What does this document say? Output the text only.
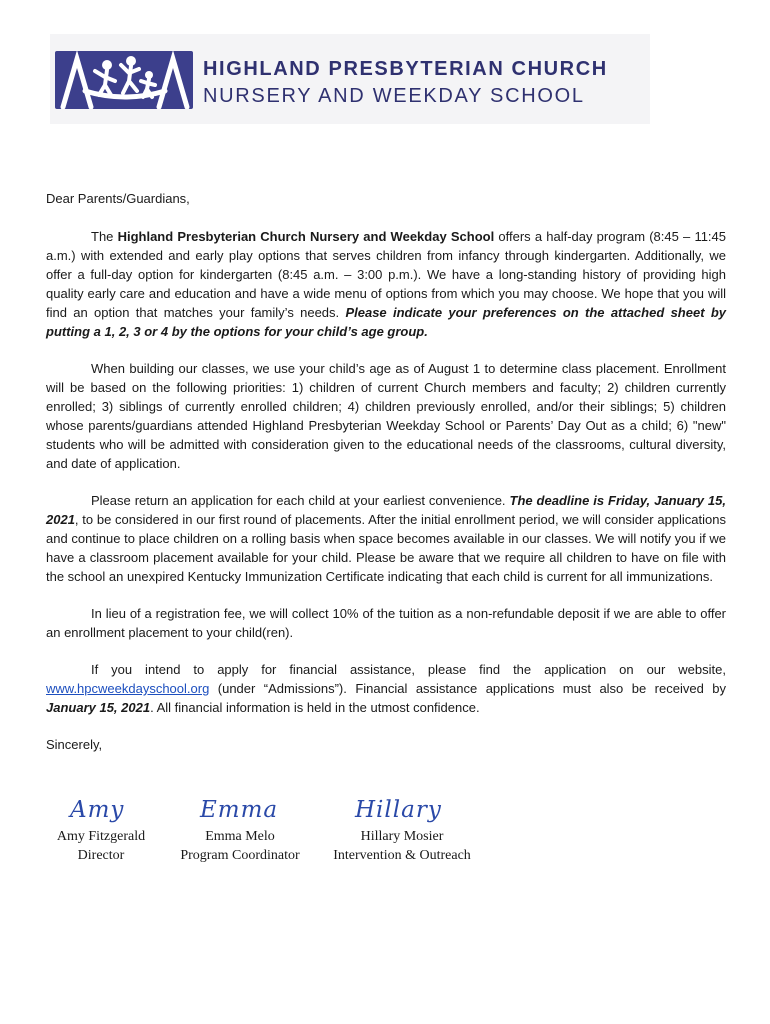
HIGHLAND PRESBYTERIAN CHURCH
NURSERY AND WEEKDAY SCHOOL

Dear Parents/Guardians,

The Highland Presbyterian Church Nursery and Weekday School offers a half-day program (8:45 – 11:45 a.m.) with extended and early play options that serves children from infancy through kindergarten. Additionally, we offer a full-day option for kindergarten (8:45 a.m. – 3:00 p.m.). We have a long-standing history of providing high quality early care and education and have a wide menu of options from which you may choose. We hope that you will find an option that matches your family’s needs. Please indicate your preferences on the attached sheet by putting a 1, 2, 3 or 4 by the options for your child’s age group.

When building our classes, we use your child’s age as of August 1 to determine class placement. Enrollment will be based on the following priorities: 1) children of current Church members and faculty; 2) children currently enrolled; 3) siblings of currently enrolled children; 4) children previously enrolled, and/or their siblings; 5) children whose parents/guardians attended Highland Presbyterian Weekday School or Parents’ Day Out as a child; 6) "new" students who will be admitted with consideration given to the educational needs of the classrooms, cultural diversity, and date of application.

Please return an application for each child at your earliest convenience. The deadline is Friday, January 15, 2021, to be considered in our first round of placements. After the initial enrollment period, we will consider applications and continue to place children on a rolling basis when space becomes available in our classes. We will notify you if we have a classroom placement available for your child. Please be aware that we require all children to have on file with the school an unexpired Kentucky Immunization Certificate indicating that each child is current for all immunizations.

In lieu of a registration fee, we will collect 10% of the tuition as a non-refundable deposit if we are able to offer an enrollment placement to your child(ren).

If you intend to apply for financial assistance, please find the application on our website, www.hpcweekdayschool.org (under “Admissions”). Financial assistance applications must also be received by January 15, 2021. All financial information is held in the utmost confidence.

Sincerely,

Amy
Amy Fitzgerald
Director
Emma
Emma Melo
Program Coordinator
Hillary
Hillary Mosier
Intervention & Outreach
